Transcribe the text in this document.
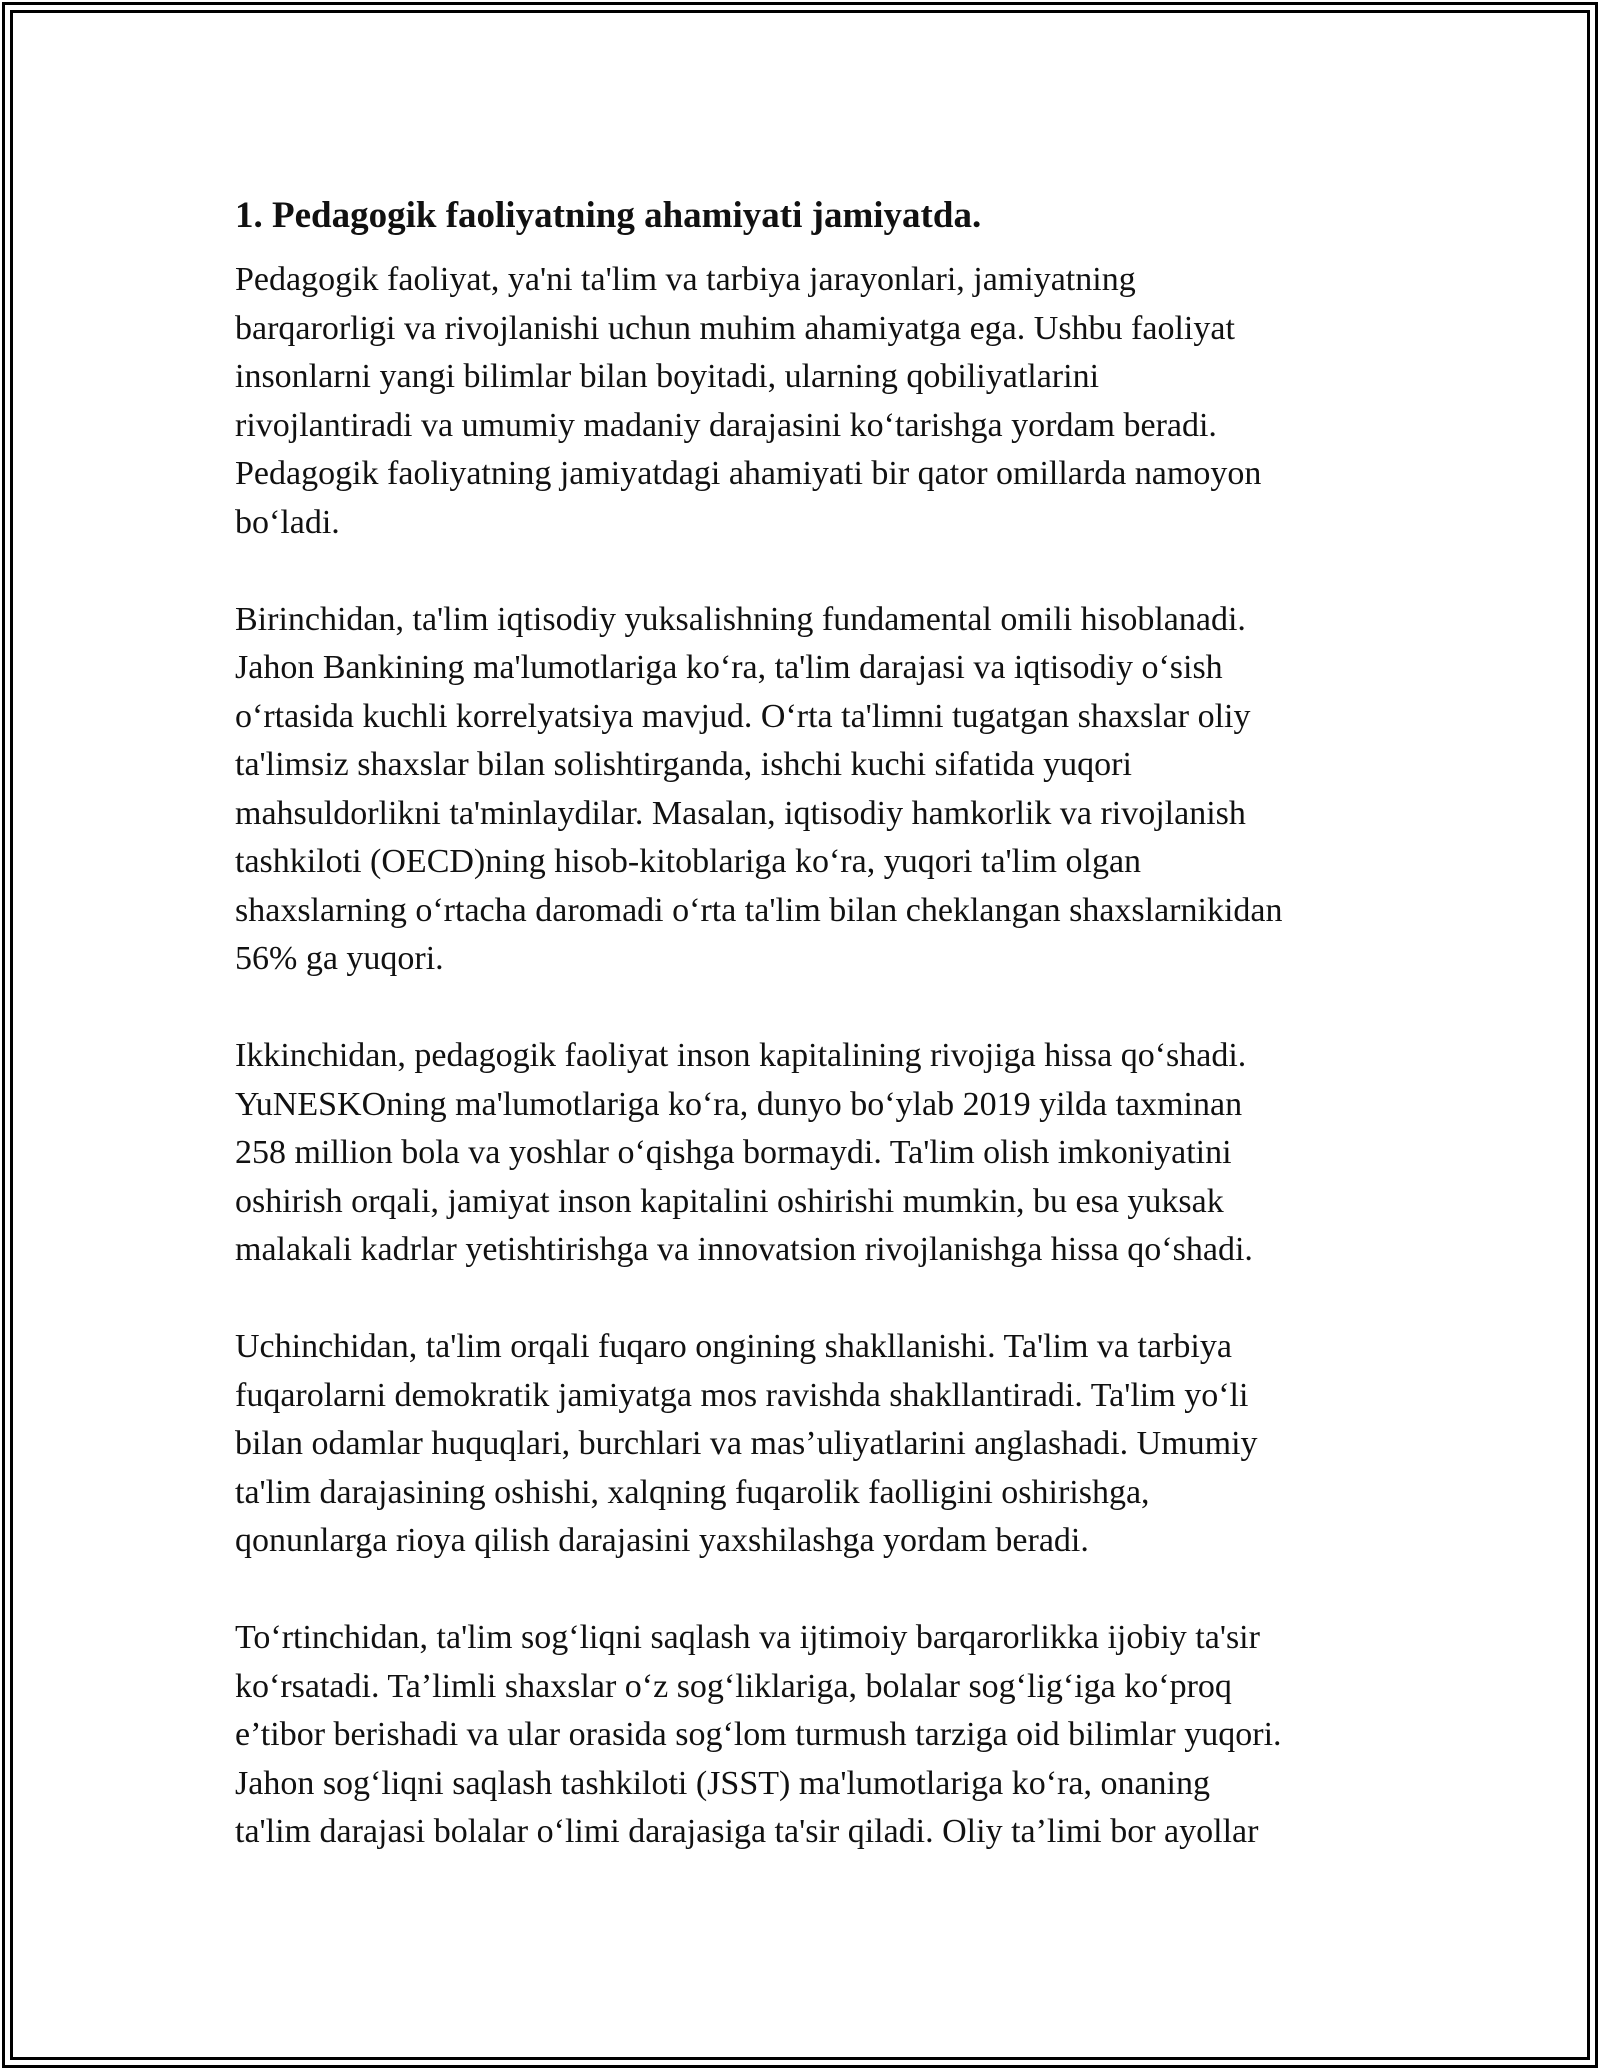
1. Pedagogik faoliyatning ahamiyati jamiyatda.

Pedagogik faoliyat, ya'ni ta'lim va tarbiya jarayonlari, jamiyatning
barqarorligi va rivojlanishi uchun muhim ahamiyatga ega. Ushbu faoliyat
insonlarni yangi bilimlar bilan boyitadi, ularning qobiliyatlarini
rivojlantiradi va umumiy madaniy darajasini ko‘tarishga yordam beradi.
Pedagogik faoliyatning jamiyatdagi ahamiyati bir qator omillarda namoyon
bo‘ladi.

Birinchidan, ta'lim iqtisodiy yuksalishning fundamental omili hisoblanadi.
Jahon Bankining ma'lumotlariga ko‘ra, ta'lim darajasi va iqtisodiy o‘sish
o‘rtasida kuchli korrelyatsiya mavjud. O‘rta ta'limni tugatgan shaxslar oliy
ta'limsiz shaxslar bilan solishtirganda, ishchi kuchi sifatida yuqori
mahsuldorlikni ta'minlaydilar. Masalan, iqtisodiy hamkorlik va rivojlanish
tashkiloti (OECD)ning hisob-kitoblariga ko‘ra, yuqori ta'lim olgan
shaxslarning o‘rtacha daromadi o‘rta ta'lim bilan cheklangan shaxslarnikidan
56% ga yuqori.

Ikkinchidan, pedagogik faoliyat inson kapitalining rivojiga hissa qo‘shadi.
YuNESKOning ma'lumotlariga ko‘ra, dunyo bo‘ylab 2019 yilda taxminan
258 million bola va yoshlar o‘qishga bormaydi. Ta'lim olish imkoniyatini
oshirish orqali, jamiyat inson kapitalini oshirishi mumkin, bu esa yuksak
malakali kadrlar yetishtirishga va innovatsion rivojlanishga hissa qo‘shadi.

Uchinchidan, ta'lim orqali fuqaro ongining shakllanishi. Ta'lim va tarbiya
fuqarolarni demokratik jamiyatga mos ravishda shakllantiradi. Ta'lim yo‘li
bilan odamlar huquqlari, burchlari va mas’uliyatlarini anglashadi. Umumiy
ta'lim darajasining oshishi, xalqning fuqarolik faolligini oshirishga,
qonunlarga rioya qilish darajasini yaxshilashga yordam beradi.

To‘rtinchidan, ta'lim sog‘liqni saqlash va ijtimoiy barqarorlikka ijobiy ta'sir
ko‘rsatadi. Ta’limli shaxslar o‘z sog‘liklariga, bolalar sog‘lig‘iga ko‘proq
e’tibor berishadi va ular orasida sog‘lom turmush tarziga oid bilimlar yuqori.
Jahon sog‘liqni saqlash tashkiloti (JSST) ma'lumotlariga ko‘ra, onaning
ta'lim darajasi bolalar o‘limi darajasiga ta'sir qiladi. Oliy ta’limi bor ayollar
